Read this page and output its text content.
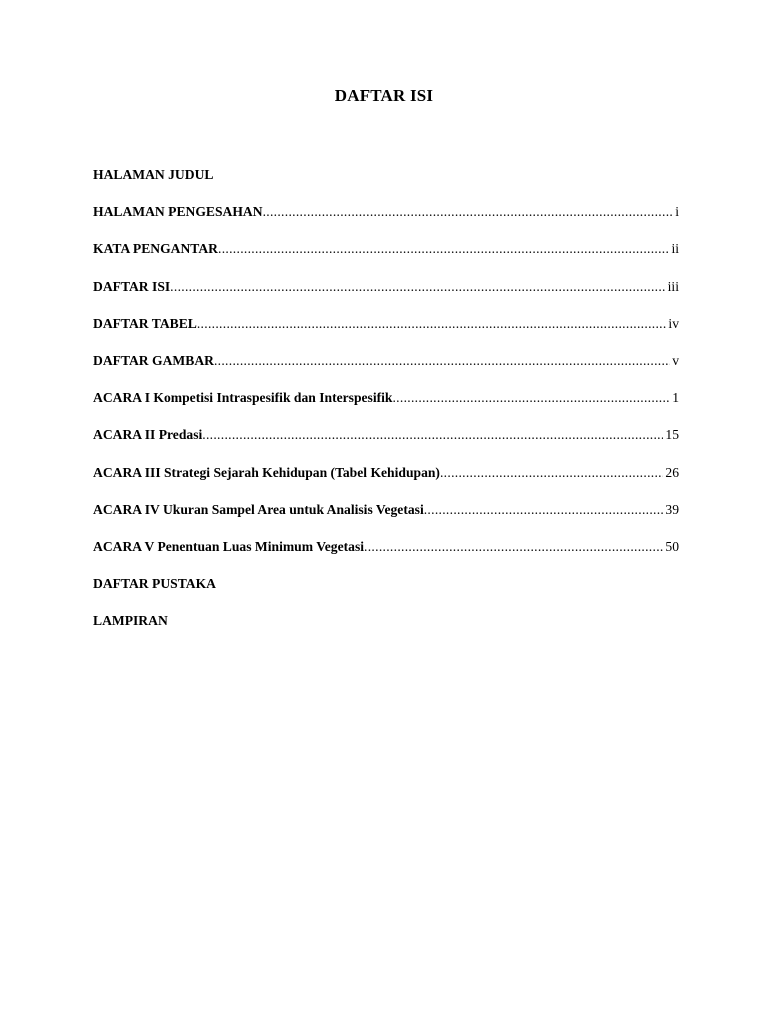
DAFTAR ISI
HALAMAN JUDUL
HALAMAN PENGESAHAN .....	i
KATA PENGANTAR .....	ii
DAFTAR ISI .....	iii
DAFTAR TABEL .....	iv
DAFTAR GAMBAR .....	v
ACARA I Kompetisi Intraspesifik dan Interspesifik .....	1
ACARA II Predasi .....	15
ACARA III Strategi Sejarah Kehidupan (Tabel Kehidupan) .....	26
ACARA IV Ukuran Sampel Area untuk Analisis Vegetasi .....	39
ACARA V Penentuan Luas Minimum Vegetasi .....	50
DAFTAR PUSTAKA
LAMPIRAN
